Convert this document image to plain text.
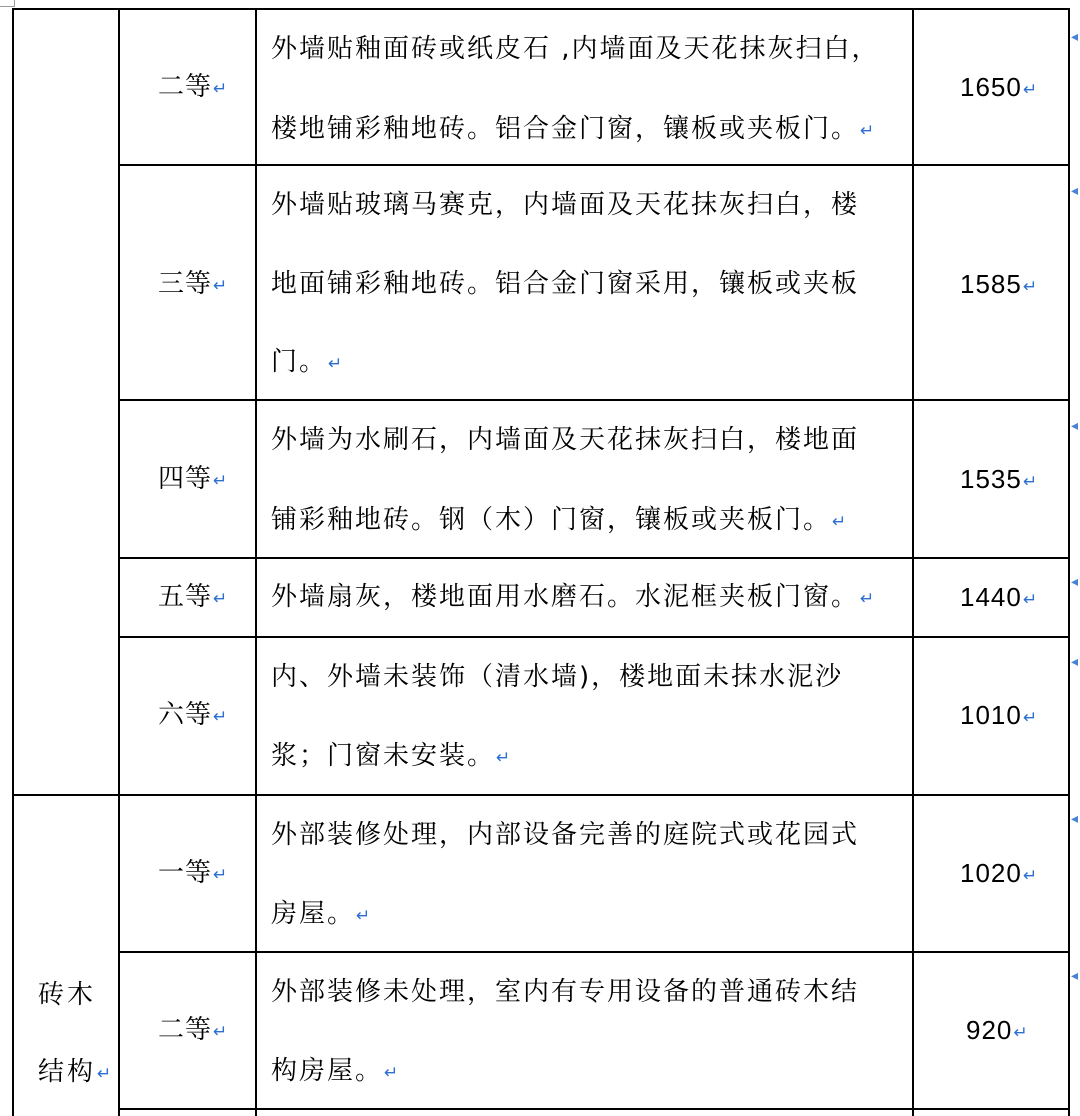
二等↵
外墙贴釉面砖或纸皮石 ,内墙面及天花抹灰扫白，
楼地铺彩釉地砖。铝合金门窗，镶板或夹板门。↵
1650↵
◂
三等↵
外墙贴玻璃马赛克，内墙面及天花抹灰扫白，楼
地面铺彩釉地砖。铝合金门窗采用，镶板或夹板
门。↵
1585↵
◂
四等↵
外墙为水刷石，内墙面及天花抹灰扫白，楼地面
铺彩釉地砖。钢（木）门窗，镶板或夹板门。↵
1535↵
◂
五等↵ 外墙扇灰，楼地面用水磨石。水泥框夹板门窗。↵	1440↵
◂
六等↵
内、外墙未装饰（清水墙)，楼地面未抹水泥沙
浆；门窗未安装。↵
1010↵
◂
一等↵
外部装修处理，内部设备完善的庭院式或花园式
房屋。↵
1020↵
◂
二等↵
外部装修未处理，室内有专用设备的普通砖木结
构房屋。↵
920↵
◂
砖木
结构↵
